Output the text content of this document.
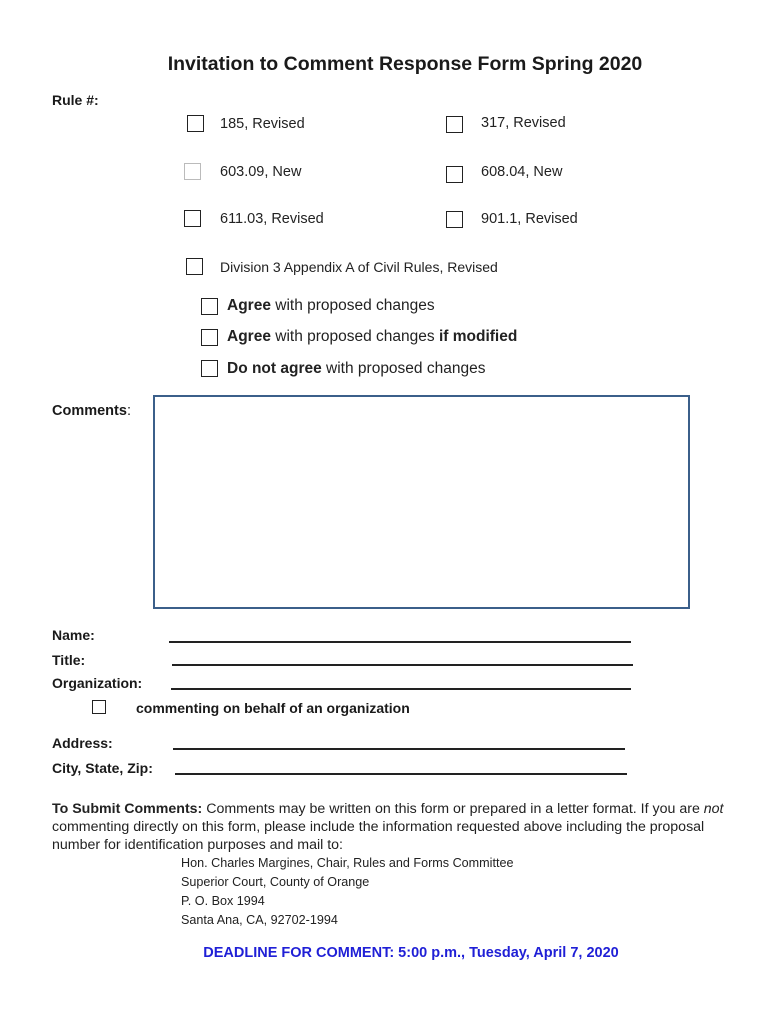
Invitation to Comment Response Form Spring 2020
Rule #:
185, Revised	317, Revised
603.09, New	608.04, New
611.03, Revised	901.1, Revised
Division 3 Appendix A of Civil Rules, Revised
Agree with proposed changes
Agree with proposed changes if modified
Do not agree with proposed changes
Comments:
Name:
Title:
Organization:
commenting on behalf of an organization
Address:
City, State, Zip:
To Submit Comments: Comments may be written on this form or prepared in a letter format. If you are not commenting directly on this form, please include the information requested above including the proposal number for identification purposes and mail to:
Hon. Charles Margines, Chair, Rules and Forms Committee
Superior Court, County of Orange
P. O. Box 1994
Santa Ana, CA, 92702-1994
DEADLINE FOR COMMENT: 5:00 p.m., Tuesday, April 7, 2020
